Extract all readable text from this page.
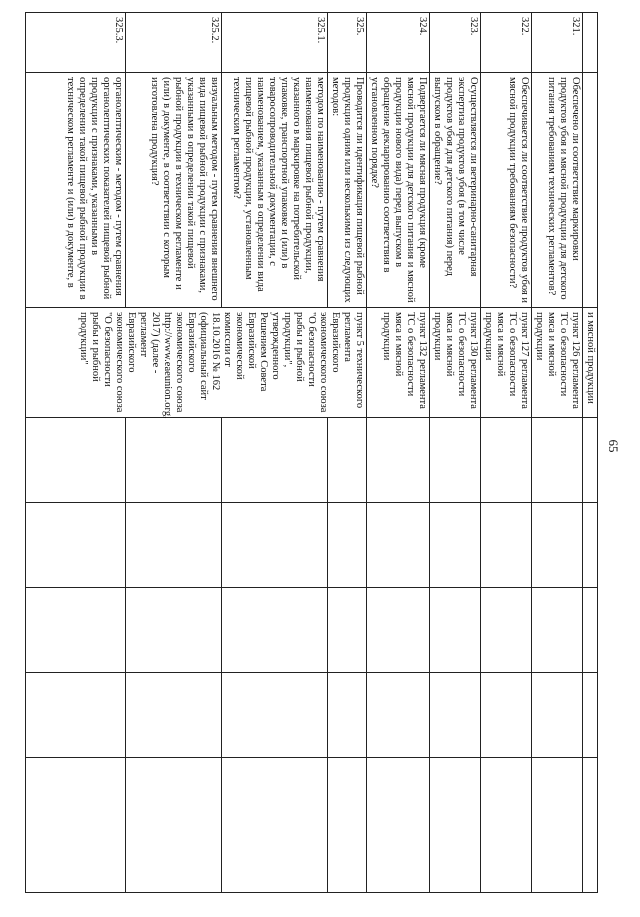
65
		и мясной продукции					
321.	Обеспечено ли соответствие маркировки продуктов убоя и мясной продукции для детского питания требованиям технических регламентов?	пункт 126 регламента ТС о безопасности мяса и мясной продукции					
322.	Обеспечивается ли соответствие продуктов убоя и мясной продукции требованиям безопасности?	пункт 127 регламента ТС о безопасности мяса и мясной продукции					
323.	Осуществляется ли ветеринарно-санитарная экспертиза продуктов убоя (в том числе продуктов убоя для детского питания) перед выпуском в обращение?	пункт 130 регламента ТС о безопасности мяса и мясной продукции					
324.	Подвергается ли мясная продукция (кроме мясной продукции для детского питания и мясной продукции нового вида) перед выпуском в обращение декларированию соответствия в установленном порядке?	пункт 132 регламента ТС о безопасности мяса и мясной продукции					
325.	Проводится ли идентификация пищевой рыбной продукции одним или несколькими из следующих методов:	пункт 5 технического регламента Евразийского экономического союза "О безопасности рыбы и рыбной продукции", утвержденного Решением Совета Евразийской экономической комиссии от 18.10.2016 № 162 (официальный сайт Евразийского экономического союза http://www.eaeunion.org, 2017) (далее - регламент Евразийского экономического союза "О безопасности рыбы и рыбной продукции"					
325.1.	методом по наименованию - путем сравнения наименования пищевой рыбной продукции, указанного в маркировке на потребительской упаковке, транспортной упаковке и (или) в товаросопроводительной документации, с наименованием, указанным в определении вида пищевой рыбной продукции, установленным техническим регламентом?						
325.2.	визуальным методом - путем сравнения внешнего вида пищевой рыбной продукции с признаками, указанными в определении такой пищевой рыбной продукции в техническом регламенте и (или) в документе, в соответствии с которым изготовлена продукция?						
325.3.	органолептическим - методом - путем сравнения органолептических показателей пищевой рыбной продукции с признаками, указанными в определении такой пищевой рыбной продукции в техническом регламенте и (или) в документе, в						
